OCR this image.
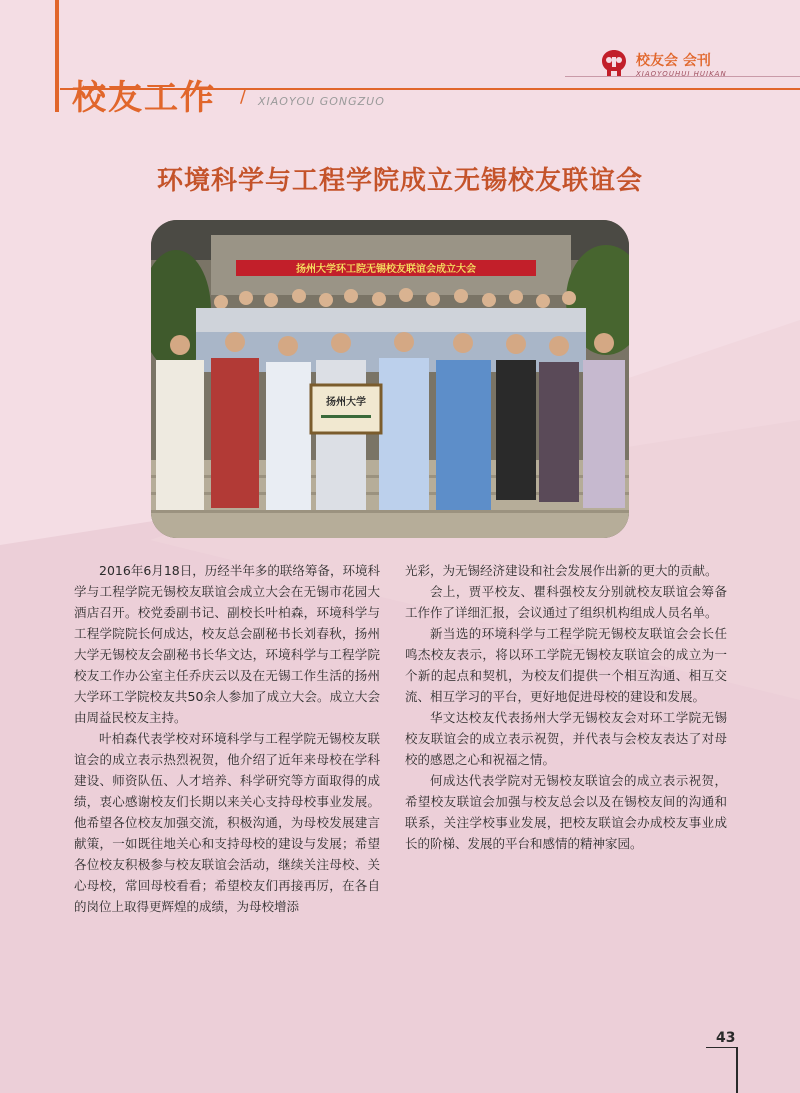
校友工作 / XIAOYOU GONGZUO
校友会 会刊
XIAOYOUHUI HUIKAN
环境科学与工程学院成立无锡校友联谊会
扬州大学环工院无锡校友联谊会成立大会
扬州大学

2016年6月18日，历经半年多的联络筹备，环境科学与工程学院无锡校友联谊会成立大会在无锡市花园大酒店召开。校党委副书记、副校长叶柏森，环境科学与工程学院院长何成达，校友总会副秘书长刘春秋，扬州大学无锡校友会副秘书长华文达，环境科学与工程学院校友工作办公室主任乔庆云以及在无锡工作生活的扬州大学环工学院校友共50余人参加了成立大会。成立大会由周益民校友主持。

叶柏森代表学校对环境科学与工程学院无锡校友联谊会的成立表示热烈祝贺，他介绍了近年来母校在学科建设、师资队伍、人才培养、科学研究等方面取得的成绩，衷心感谢校友们长期以来关心支持母校事业发展。他希望各位校友加强交流，积极沟通，为母校发展建言献策，一如既往地关心和支持母校的建设与发展；希望各位校友积极参与校友联谊会活动，继续关注母校、关心母校，常回母校看看；希望校友们再接再厉，在各自的岗位上取得更辉煌的成绩，为母校增添

光彩，为无锡经济建设和社会发展作出新的更大的贡献。

会上，贾平校友、瞿科强校友分别就校友联谊会筹备工作作了详细汇报，会议通过了组织机构组成人员名单。

新当选的环境科学与工程学院无锡校友联谊会会长任鸣杰校友表示，将以环工学院无锡校友联谊会的成立为一个新的起点和契机，为校友们提供一个相互沟通、相互交流、相互学习的平台，更好地促进母校的建设和发展。

华文达校友代表扬州大学无锡校友会对环工学院无锡校友联谊会的成立表示祝贺，并代表与会校友表达了对母校的感恩之心和祝福之情。

何成达代表学院对无锡校友联谊会的成立表示祝贺，希望校友联谊会加强与校友总会以及在锡校友间的沟通和联系，关注学校事业发展，把校友联谊会办成校友事业成长的阶梯、发展的平台和感情的精神家园。

43
